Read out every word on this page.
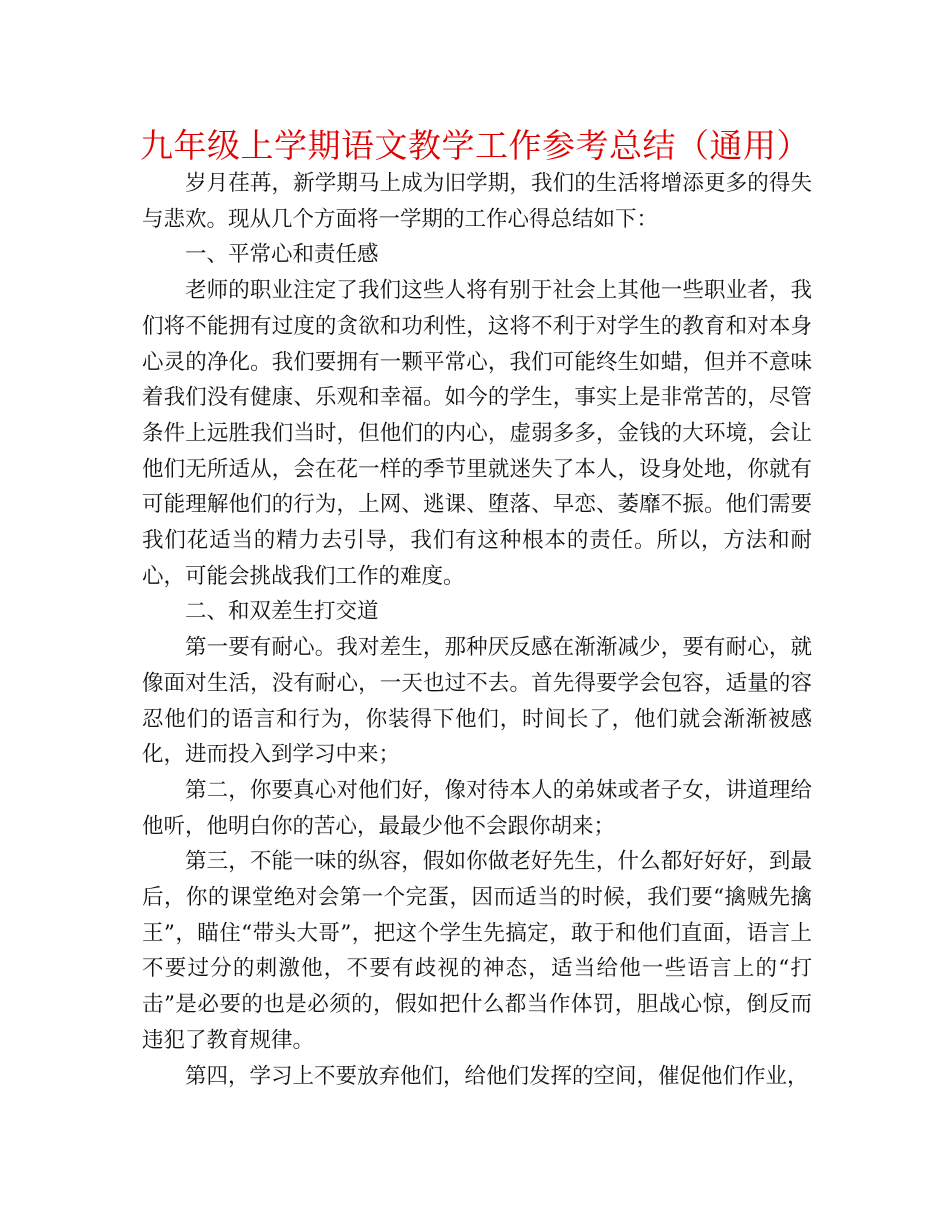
九年级上学期语文教学工作参考总结（通用）

岁月荏苒，新学期马上成为旧学期，我们的生活将增添更多的得失与悲欢。现从几个方面将一学期的工作心得总结如下：

一、平常心和责任感

老师的职业注定了我们这些人将有别于社会上其他一些职业者，我们将不能拥有过度的贪欲和功利性，这将不利于对学生的教育和对本身心灵的净化。我们要拥有一颗平常心，我们可能终生如蜡，但并不意味着我们没有健康、乐观和幸福。如今的学生，事实上是非常苦的，尽管条件上远胜我们当时，但他们的内心，虚弱多多，金钱的大环境，会让他们无所适从，会在花一样的季节里就迷失了本人，设身处地，你就有可能理解他们的行为，上网、逃课、堕落、早恋、萎靡不振。他们需要我们花适当的精力去引导，我们有这种根本的责任。所以，方法和耐心，可能会挑战我们工作的难度。

二、和双差生打交道

第一要有耐心。我对差生，那种厌反感在渐渐减少，要有耐心，就像面对生活，没有耐心，一天也过不去。首先得要学会包容，适量的容忍他们的语言和行为，你装得下他们，时间长了，他们就会渐渐被感化，进而投入到学习中来；

第二，你要真心对他们好，像对待本人的弟妹或者子女，讲道理给他听，他明白你的苦心，最最少他不会跟你胡来；

第三，不能一味的纵容，假如你做老好先生，什么都好好好，到最后，你的课堂绝对会第一个完蛋，因而适当的时候，我们要“擒贼先擒王”，瞄住“带头大哥”，把这个学生先搞定，敢于和他们直面，语言上不要过分的刺激他，不要有歧视的神态，适当给他一些语言上的“打击”是必要的也是必须的，假如把什么都当作体罚，胆战心惊，倒反而违犯了教育规律。

第四，学习上不要放弃他们，给他们发挥的空间，催促他们作业，
